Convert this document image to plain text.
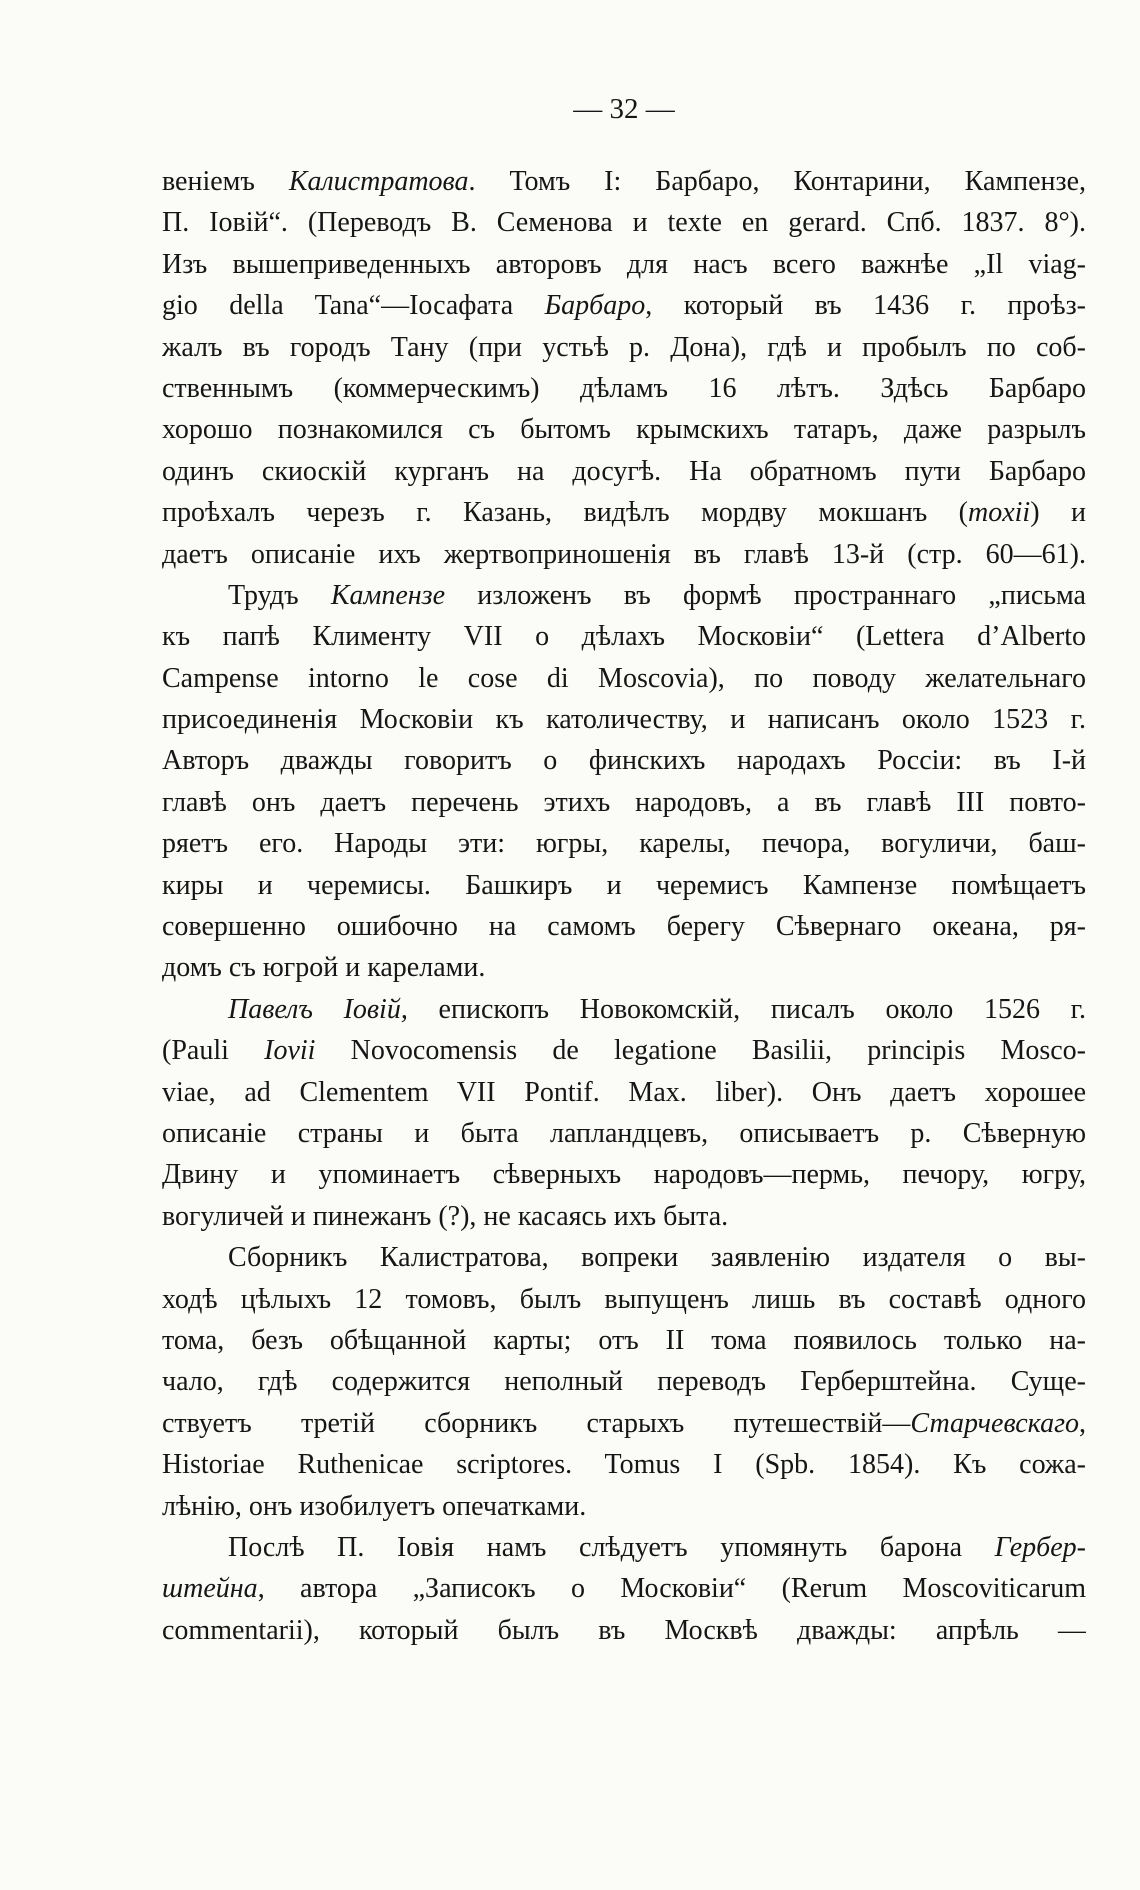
— 32 —
веніемъ Калистратова. Томъ I: Барбаро, Контарини, Кампензе,
П. Іовій“. (Переводъ В. Семенова и texte en gerard. Спб. 1837. 8°).
Изъ вышеприведенныхъ авторовъ для насъ всего важнѣе „Il viag-
gio della Tana“—Іосафата Барбаро, который въ 1436 г. проѣз-
жалъ въ городъ Тану (при устьѣ р. Дона), гдѣ и пробылъ по соб-
ственнымъ (коммерческимъ) дѣламъ 16 лѣтъ. Здѣсь Барбаро
хорошо познакомился съ бытомъ крымскихъ татаръ, даже разрылъ
одинъ скиоскій курганъ на досугѣ. На обратномъ пути Барбаро
проѣхалъ черезъ г. Казань, видѣлъ мордву мокшанъ (moxii) и
даетъ описаніе ихъ жертвоприношенія въ главѣ 13-й (стр. 60—61).
Трудъ Кампензе изложенъ въ формѣ пространнаго „письма
къ папѣ Клименту VII о дѣлахъ Московіи“ (Lettera d’Alberto
Campense intorno le cose di Moscovia), по поводу желательнаго
присоединенія Московіи къ католичеству, и написанъ около 1523 г.
Авторъ дважды говоритъ о финскихъ народахъ Россіи: въ I-й
главѣ онъ даетъ перечень этихъ народовъ, а въ главѣ III повто-
ряетъ его. Народы эти: югры, карелы, печора, вогуличи, баш-
киры и черемисы. Башкиръ и черемисъ Кампензе помѣщаетъ
совершенно ошибочно на самомъ берегу Сѣвернаго океана, ря-
домъ съ югрой и карелами.
Павелъ Іовій, епископъ Новокомскій, писалъ около 1526 г.
(Pauli Iovii Novocomensis de legatione Basilii, principis Mosco-
viae, ad Clementem VII Pontif. Max. liber). Онъ даетъ хорошее
описаніе страны и быта лапландцевъ, описываетъ р. Сѣверную
Двину и упоминаетъ сѣверныхъ народовъ—пермь, печору, югру,
вогуличей и пинежанъ (?), не касаясь ихъ быта.
Сборникъ Калистратова, вопреки заявленію издателя о вы-
ходѣ цѣлыхъ 12 томовъ, былъ выпущенъ лишь въ составѣ одного
тома, безъ обѣщанной карты; отъ II тома появилось только на-
чало, гдѣ содержится неполный переводъ Герберштейна. Суще-
ствуетъ третій сборникъ старыхъ путешествій—Старчевскаго,
Historiae Ruthenicae scriptores. Tomus I (Spb. 1854). Къ сожа-
лѣнію, онъ изобилуетъ опечатками.
Послѣ П. Іовія намъ слѣдуетъ упомянуть барона Гербер-
штейна, автора „Записокъ о Московіи“ (Rerum Moscoviticarum
commentarii), который былъ въ Москвѣ дважды: апрѣль —
